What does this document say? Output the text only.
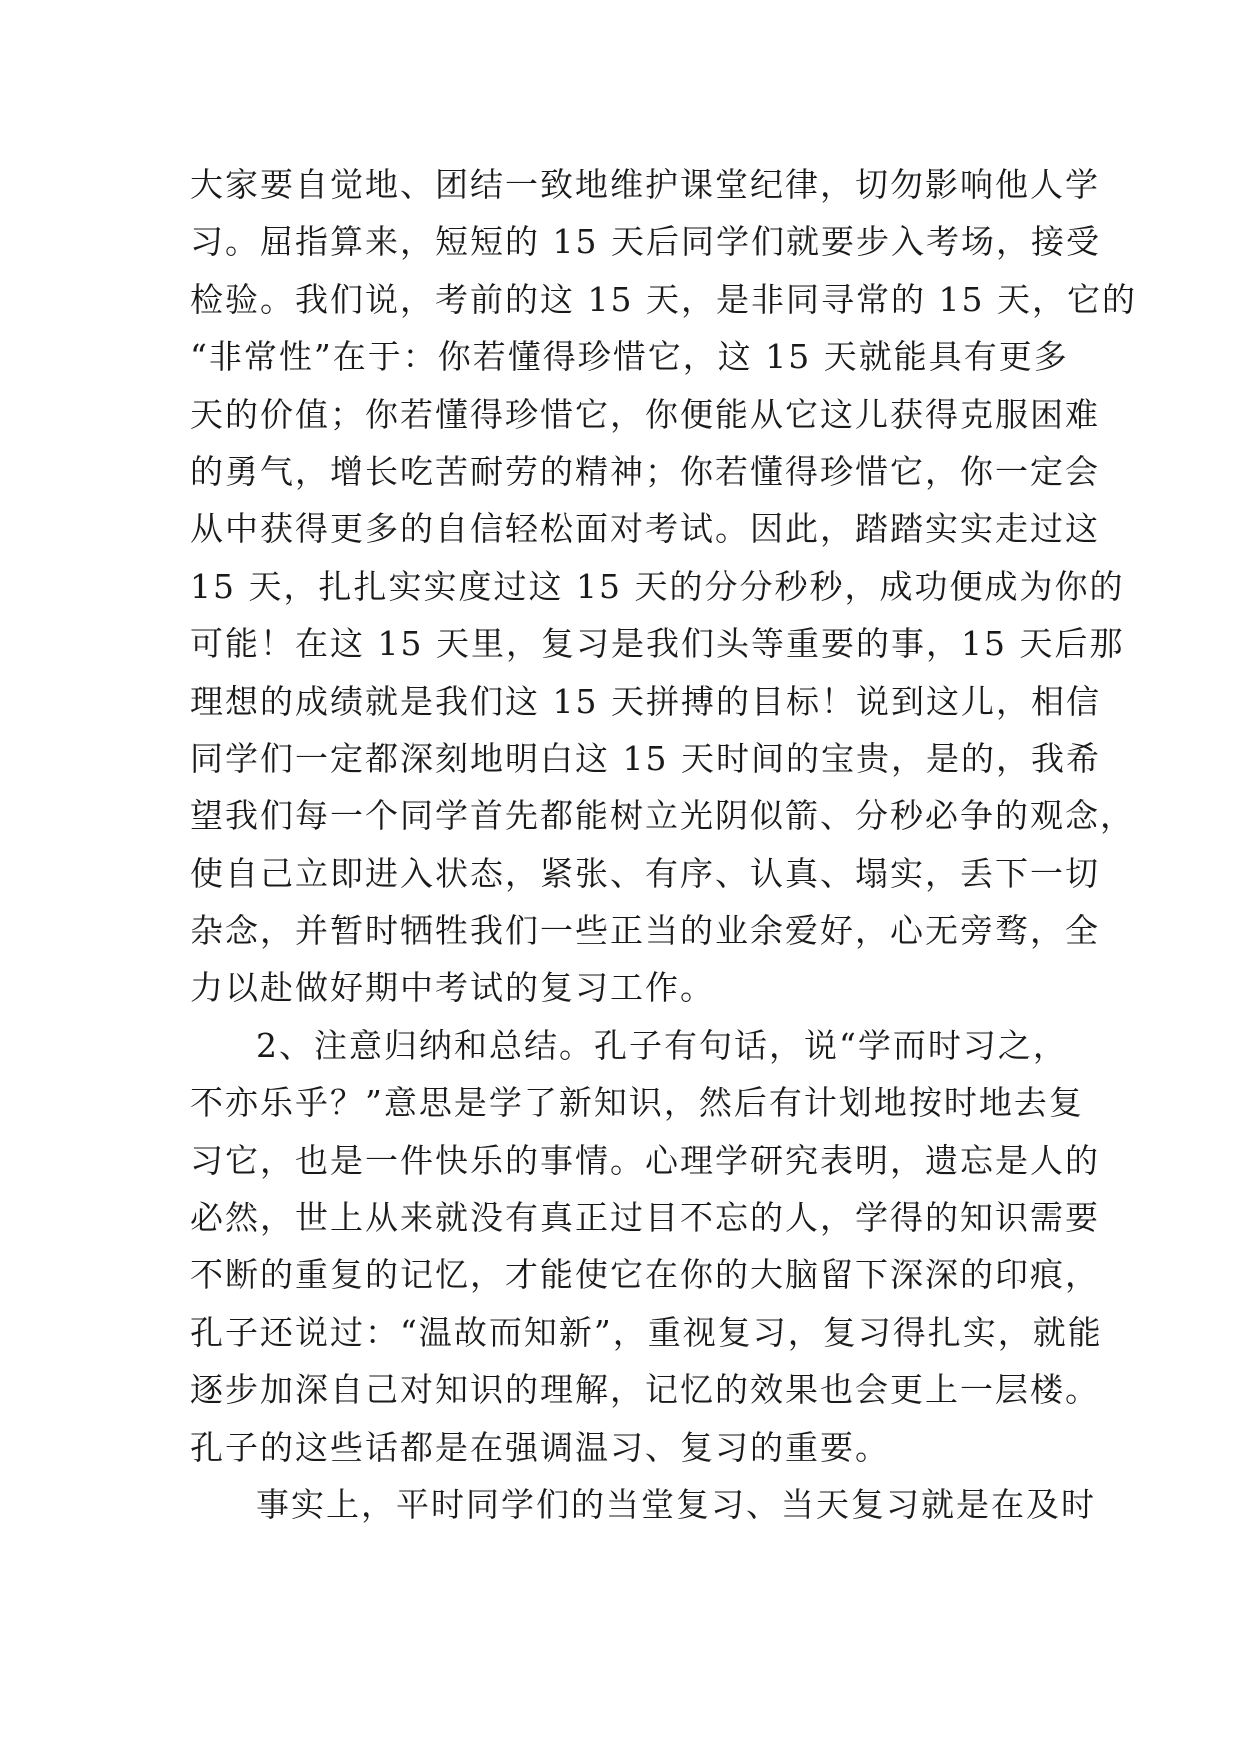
大家要自觉地、团结一致地维护课堂纪律，切勿影响他人学
习。屈指算来，短短的 15 天后同学们就要步入考场，接受
检验。我们说，考前的这 15 天，是非同寻常的 15 天，它的
“非常性”在于：你若懂得珍惜它，这 15 天就能具有更多
天的价值；你若懂得珍惜它，你便能从它这儿获得克服困难
的勇气，增长吃苦耐劳的精神；你若懂得珍惜它，你一定会
从中获得更多的自信轻松面对考试。因此，踏踏实实走过这
15 天，扎扎实实度过这 15 天的分分秒秒，成功便成为你的
可能！在这 15 天里，复习是我们头等重要的事，15 天后那
理想的成绩就是我们这 15 天拼搏的目标！说到这儿，相信
同学们一定都深刻地明白这 15 天时间的宝贵，是的，我希
望我们每一个同学首先都能树立光阴似箭、分秒必争的观念，
使自己立即进入状态，紧张、有序、认真、塌实，丢下一切
杂念，并暂时牺牲我们一些正当的业余爱好，心无旁骛，全
力以赴做好期中考试的复习工作。
2、注意归纳和总结。孔子有句话，说“学而时习之，
不亦乐乎？”意思是学了新知识，然后有计划地按时地去复
习它，也是一件快乐的事情。心理学研究表明，遗忘是人的
必然，世上从来就没有真正过目不忘的人，学得的知识需要
不断的重复的记忆，才能使它在你的大脑留下深深的印痕，
孔子还说过：“温故而知新”，重视复习，复习得扎实，就能
逐步加深自己对知识的理解，记忆的效果也会更上一层楼。
孔子的这些话都是在强调温习、复习的重要。
事实上，平时同学们的当堂复习、当天复习就是在及时
